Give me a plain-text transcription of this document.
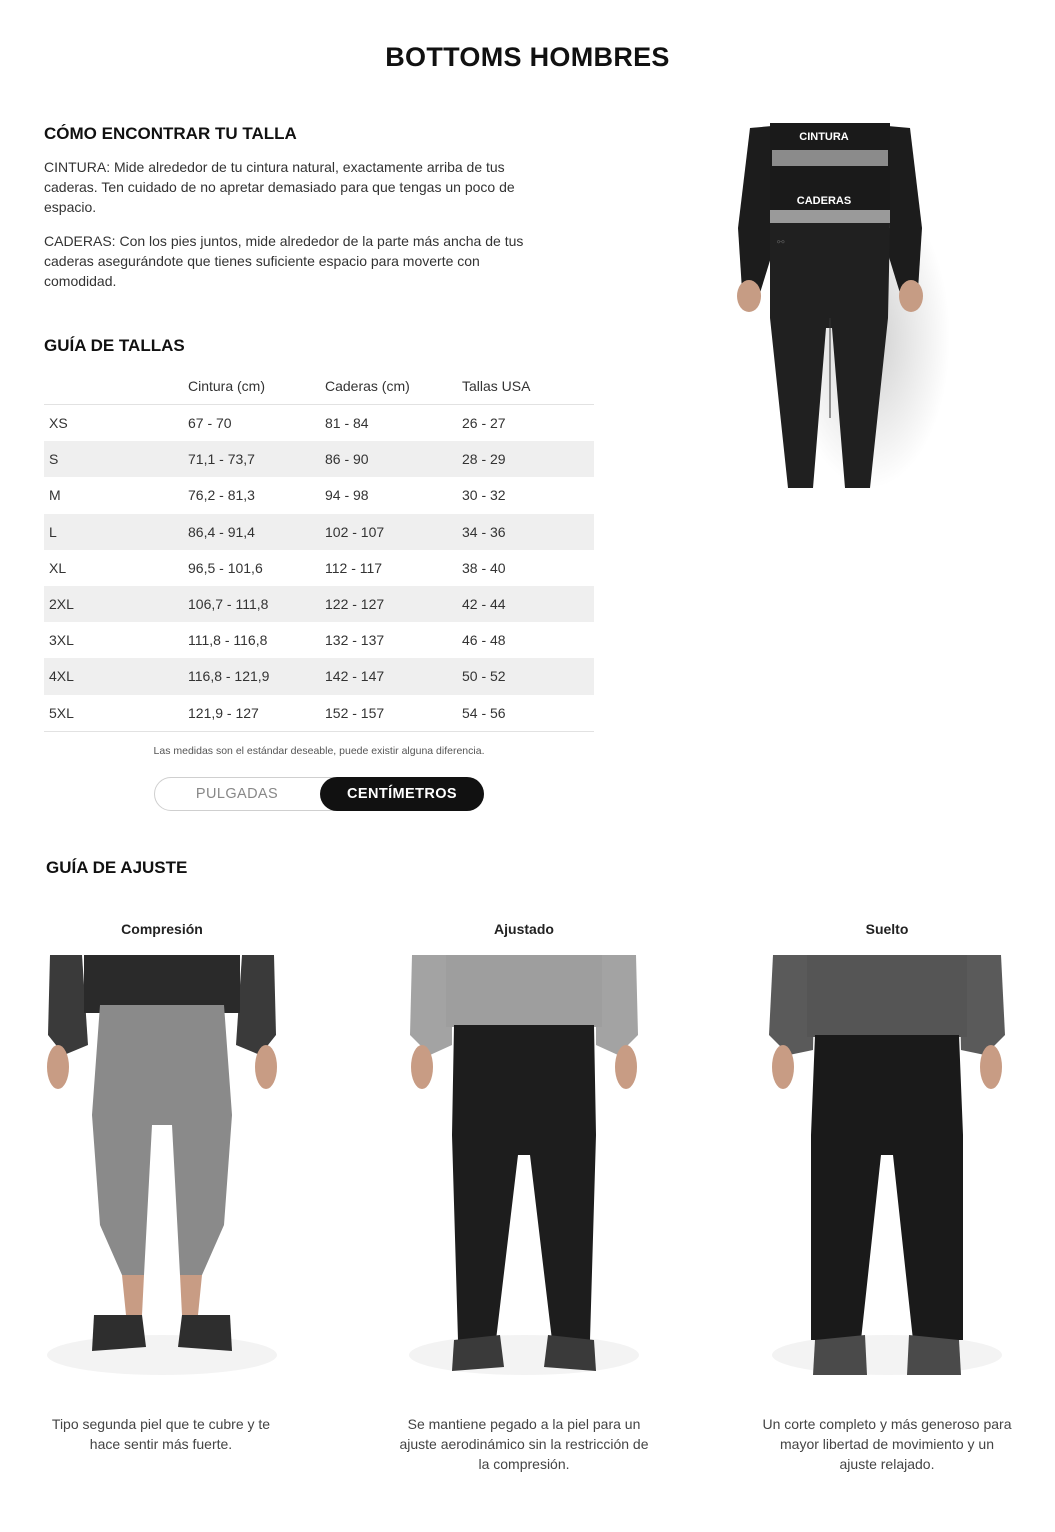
BOTTOMS HOMBRES
CÓMO ENCONTRAR TU TALLA

CINTURA: Mide alrededor de tu cintura natural, exactamente arriba de tus caderas. Ten cuidado de no apretar demasiado para que tengas un poco de espacio.

CADERAS: Con los pies juntos, mide alrededor de la parte más ancha de tus caderas asegurándote que tienes suficiente espacio para moverte con comodidad.

CINTURA
CADERAS
⚯
GUÍA DE TALLAS
	Cintura (cm)	Caderas (cm)	Tallas USA
XS	67 - 70	81 - 84	26 - 27
S	71,1 - 73,7	86 - 90	28 - 29
M	76,2 - 81,3	94 - 98	30 - 32
L	86,4 - 91,4	102 - 107	34 - 36
XL	96,5 - 101,6	112 - 117	38 - 40
2XL	106,7 - 111,8	122 - 127	42 - 44
3XL	111,8 - 116,8	132 - 137	46 - 48
4XL	116,8 - 121,9	142 - 147	50 - 52
5XL	121,9 - 127	152 - 157	54 - 56
Las medidas son el estándar deseable, puede existir alguna diferencia.
PULGADAS	CENTÍMETROS
GUÍA DE AJUSTE
Compresión
Tipo segunda piel que te cubre y te hace sentir más fuerte.
Ajustado
Se mantiene pegado a la piel para un ajuste aerodinámico sin la restricción de la compresión.
Suelto
Un corte completo y más generoso para mayor libertad de movimiento y un ajuste relajado.
